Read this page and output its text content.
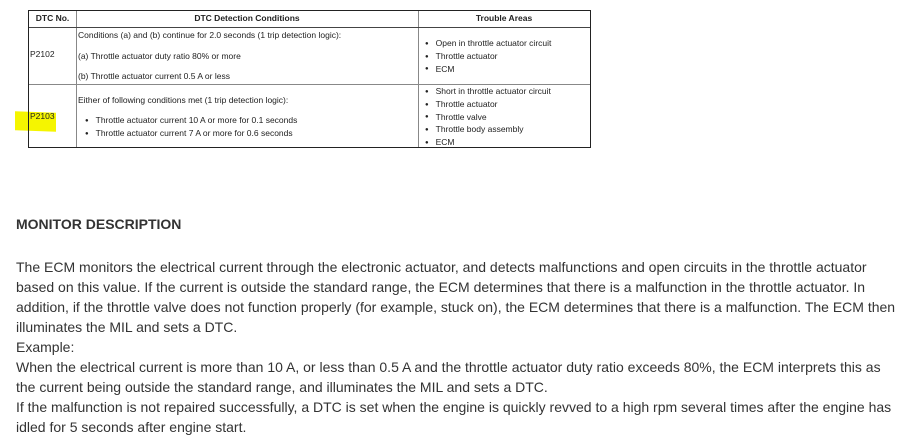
DTC No.	DTC Detection Conditions	Trouble Areas
P2102
Conditions (a) and (b) continue for 2.0 seconds (1 trip detection logic):
(a) Throttle actuator duty ratio 80% or more
(b) Throttle actuator current 0.5 A or less
● Open in throttle actuator circuit
● Throttle actuator
● ECM
P2103
Either of following conditions met (1 trip detection logic):
● Throttle actuator current 10 A or more for 0.1 seconds
● Throttle actuator current 7 A or more for 0.6 seconds
● Short in throttle actuator circuit
● Throttle actuator
● Throttle valve
● Throttle body assembly
● ECM
MONITOR DESCRIPTION

The ECM monitors the electrical current through the electronic actuator, and detects malfunctions and open circuits in the throttle actuator based on this value. If the current is outside the standard range, the ECM determines that there is a malfunction in the throttle actuator. In addition, if the throttle valve does not function properly (for example, stuck on), the ECM determines that there is a malfunction. The ECM then illuminates the MIL and sets a DTC.

Example:

When the electrical current is more than 10 A, or less than 0.5 A and the throttle actuator duty ratio exceeds 80%, the ECM interprets this as the current being outside the standard range, and illuminates the MIL and sets a DTC.

If the malfunction is not repaired successfully, a DTC is set when the engine is quickly revved to a high rpm several times after the engine has idled for 5 seconds after engine start.
